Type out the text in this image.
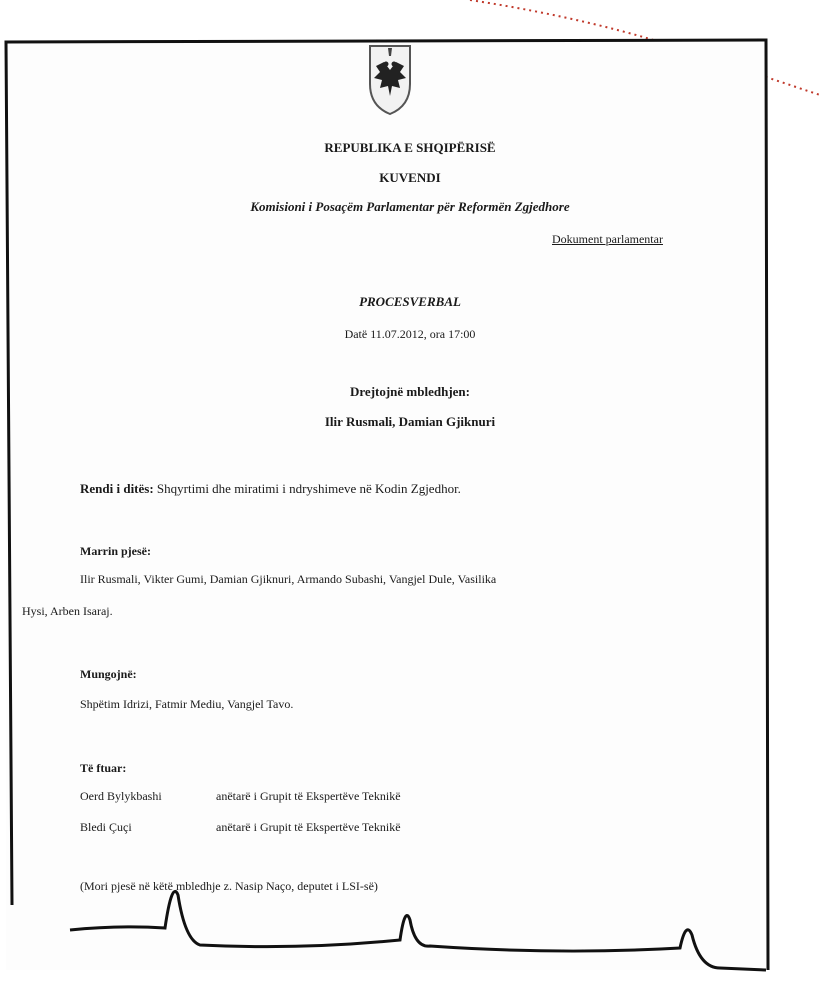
REPUBLIKA E SHQIPËRISË
KUVENDI
Komisioni i Posaçëm Parlamentar për Reformën Zgjedhore
Dokument parlamentar
PROCESVERBAL
Datë 11.07.2012, ora 17:00
Drejtojnë mbledhjen:
Ilir Rusmali, Damian Gjiknuri
Rendi i ditës: Shqyrtimi dhe miratimi i ndryshimeve në Kodin Zgjedhor.
Marrin pjesë:
Ilir Rusmali, Vikter Gumi, Damian Gjiknuri, Armando Subashi, Vangjel Dule, Vasilika
Hysi, Arben Isaraj.
Mungojnë:
Shpëtim Idrizi, Fatmir Mediu, Vangjel Tavo.
Të ftuar:
Oerd Bylykbashi	anëtarë i Grupit të Ekspertëve Teknikë
Bledi Çuçi	anëtarë i Grupit të Ekspertëve Teknikë
(Mori pjesë në këtë mbledhje z. Nasip Naço, deputet i LSI-së)
